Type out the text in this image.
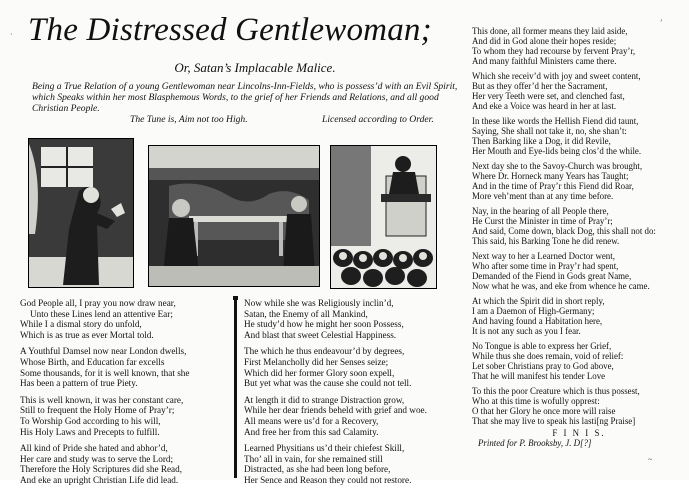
The Distressed Gentlewoman;
Or, Satan’s Implacable Malice.
Being a True Relation of a young Gentlewoman near Lincolns-Inn-Fields, who is possess’d with an Evil Spirit, which Speaks within her most Blasphemous Words, to the grief of her Friends and Relations, and all good Christian People.
The Tune is, Aim not too High.	Licensed according to Order.

God People all, I pray you now draw near,
Unto these Lines lend an attentive Ear;
While I a dismal story do unfold,
Which is as true as ever Mortal told.

A Youthful Damsel now near London dwells,
Whose Birth, and Education far excells
Some thousands, for it is well known, that she
Has been a pattern of true Piety.

This is well known, it was her constant care,
Still to frequent the Holy Home of Pray’r;
To Worship God according to his will,
His Holy Laws and Precepts to fulfill.

All kind of Pride she hated and abhor’d,
Her care and study was to serve the Lord;
Therefore the Holy Scriptures did she Read,
And eke an upright Christian Life did lead.

Now while she was Religiously inclin’d,
Satan, the Enemy of all Mankind,
He study’d how he might her soon Possess,
And blast that sweet Celestial Happiness.

The which he thus endeavour’d by degrees,
First Melancholly did her Senses seize;
Which did her former Glory soon expell,
But yet what was the cause she could not tell.

At length it did to strange Distraction grow,
While her dear friends beheld with grief and woe.
All means were us’d for a Recovery,
And free her from this sad Calamity.

Learned Physitians us’d their chiefest Skill,
Tho’ all in vain, for she remained still
Distracted, as she had been long before,
Her Sence and Reason they could not restore.

This done, all former means they laid aside,
And did in God alone their hopes reside;
To whom they had recourse by fervent Pray’r,
And many faithful Ministers came there.

Which she receiv’d with joy and sweet content,
But as they offer’d her the Sacrament,
Her very Teeth were set, and clenched fast,
And eke a Voice was heard in her at last.

In these like words the Hellish Fiend did taunt,
Saying, She shall not take it, no, she shan’t:
Then Barking like a Dog, it did Revile,
Her Mouth and Eye-lids being clos’d the while.

Next day she to the Savoy-Church was brought,
Where Dr. Horneck many Years has Taught;
And in the time of Pray’r this Fiend did Roar,
More veh’ment than at any time before.

Nay, in the hearing of all People there,
He Curst the Minister in time of Pray’r;
And said, Come down, black Dog, this shall not do:
This said, his Barking Tone he did renew.

Next way to her a Learned Doctor went,
Who after some time in Pray’r had spent,
Demanded of the Fiend in Gods great Name,
Now what he was, and eke from whence he came.

At which the Spirit did in short reply,
I am a Daemon of High-Germany;
And having found a Habitation here,
It is not any such as you I fear.

No Tongue is able to express her Grief,
While thus she does remain, void of relief:
Let sober Christians pray to God above,
That he will manifest his tender Love

To this the poor Creature which is thus possest,
Who at this time is wofully opprest:
O that her Glory he once more will raise
That she may live to speak his lasti[ng Praise]

F I N I S.
Printed for P. Brooksby, J. D[?]
·
ʼ
~
